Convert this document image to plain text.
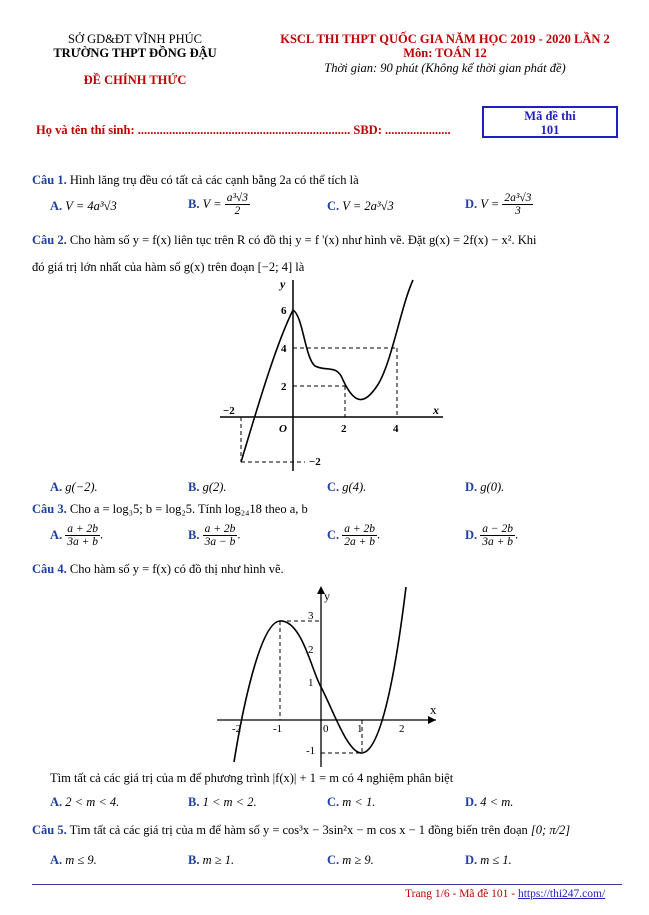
SỞ GD&ĐT VĨNH PHÚC
TRƯỜNG THPT ĐỒNG ĐẬU
ĐỀ CHÍNH THỨC
KSCL THI THPT QUỐC GIA NĂM HỌC 2019 - 2020 LẦN 2
Môn: TOÁN 12
Thời gian: 90 phút (Không kể thời gian phát đề)
Họ và tên thí sinh: .................................................................... SBD: .....................
Mã đề thi
101
Câu 1. Hình lăng trụ đều có tất cả các cạnh bằng 2a có thể tích là
A. V = 4a³√3	B. $V = \frac{\text{a³√3}}{2}$	C. V = 2a³√3	D. $V = \frac{\text{2a³√3}}{3}$
Câu 2. Cho hàm số y = f(x) liên tục trên R có đồ thị y = f '(x) như hình vẽ. Đặt g(x) = 2f(x) − x². Khi
đó giá trị lớn nhất của hàm số g(x) trên đoạn [−2; 4] là
y
x
O
6
4
2
−2
−2
2	4
A. g(−2).	B. g(2).	C. g(4).	D. g(0).
Câu 3. Cho a = log₃5; b = log₂5. Tính log₂₄18 theo a, b
A. $\frac{a + 2b}{3a + b}$ .	B. $\frac{a + 2b}{3a - b}$ .	C. $\frac{a + 2b}{2a + b}$ .	D. $\frac{a - 2b}{3a + b}$ .
Câu 4. Cho hàm số y = f(x) có đồ thị như hình vẽ.
y
x
3
2
1
-1
-2	-1	0	1	2
Tìm tất cả các giá trị của m để phương trình |f(x)| + 1 = m có 4 nghiệm phân biệt
A. 2 < m < 4.	B. 1 < m < 2.	C. m < 1.	D. 4 < m.
Câu 5. Tìm tất cả các giá trị của m để hàm số y = cos³x − 3sin²x − m cos x − 1 đồng biến trên đoạn [0; π/2]
A. m ≤ 9.	B. m ≥ 1.	C. m ≥ 9.	D. m ≤ 1.
Trang 1/6 - Mã đề 101 - https://thi247.com/
